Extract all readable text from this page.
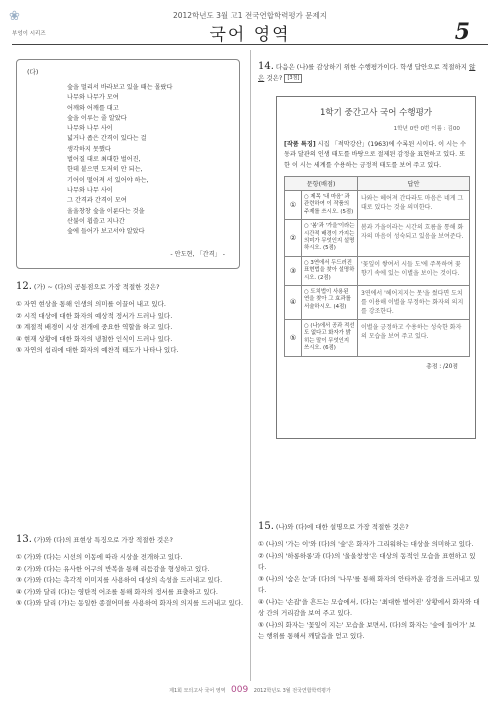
❀	2012학년도 3월 고1 전국연합학력평가 문제지
부엉이 시리즈	국어 영역	5
(다)
숲을 멀리서 바라보고 있을 때는 몰랐다
나무와 나무가 모여
어깨와 어깨를 대고
숲을 이루는 줄 알았다
나무와 나무 사이
넓거나 좁은 간격이 있다는 걸
생각하지 못했다
벌어질 대로 최대한 벌어진,
한데 붙으면 도저히 안 되는,
기어이 떨어져 서 있어야 하는,
나무와 나무 사이
그 간격과 간격이 모여
울울창창 숲을 이룬다는 것을
산불이 휩쓸고 지나간
숲에 들어가 보고서야 알았다
- 안도현, 「간격」 -
12. (가) ~ (다)의 공통점으로 가장 적절한 것은?
① 자연 현상을 통해 인생의 의미를 이끌어 내고 있다.
② 시적 대상에 대한 화자의 예상적 정서가 드러나 있다.
③ 계절적 배경이 시상 전개에 중요한 역할을 하고 있다.
④ 현재 상황에 대한 화자의 냉철한 인식이 드러나 있다.
⑤ 자연의 섭리에 대한 화자의 예찬적 태도가 나타나 있다.
13. (가)와 (다)의 표현상 특징으로 가장 적절한 것은?
① (가)와 (다)는 시선의 이동에 따라 시상을 전개하고 있다.
② (가)와 (다)는 유사한 어구의 반복을 통해 리듬감을 형성하고 있다.
③ (가)와 (다)는 촉각적 이미지를 사용하여 대상의 속성을 드러내고 있다.
④ (가)와 달리 (다)는 영탄적 어조를 통해 화자의 정서를 표출하고 있다.
⑤ (다)와 달리 (가)는 동일한 종결어미를 사용하여 화자의 의지를 드러내고 있다.
14. 다음은 (나)를 감상하기 위한 수행평가이다. 학생 답안으로 적절하지 않은 것은? [3점]
1학기 중간고사 국어 수행평가
1학년 0반 0번 이름 : 김00
[작품 특징] 시집 「적막강산」(1963)에 수록된 시이다. 이 시는 수동과 달관의 인생 태도를 바탕으로 절제된 감정을 표현하고 있다. 또한 이 시는 세계를 수용하는 긍정적 태도를 보여 주고 있다.
문항(배점)		답안
①	○ 제목 '내 마음' 과 관련하여 이 작품의 주제를 쓰시오. (5점)	나와는 헤어져 간다라도 마음은 네게 그대로 있다는 것을 의미한다.
②	○ '봄'과 '가을'이라는 시간적 배경이 가지는 의미가 무엇인지 설명하시오. (5점)	봄과 가을이라는 시간의 흐름을 통해 화자의 마음이 성숙되고 있음을 보여준다.
③	○ 3연에서 두드러진 표현법을 찾아 설명하시오. (2점)	'꽃잎이 쌓여서 시들 도'에 주목하여 꽃 향기 속에 있는 이별을 보이는 것이다.
④	○ 도치법이 사용된 연을 찾아 그 효과를 서술하시오. (4점)	3연에서 '헤어지지는 못'을 썼다면 도치를 이용해 이별을 부정하는 화자의 의지를 강조한다.
⑤	○ (나)에서 공과 적선도 없다고 화자가 밝히는 말이 무엇인지 쓰시오. (6점)	이별을 긍정하고 수용하는 성숙한 화자의 모습을 보여 주고 있다.
총점 : /20점
15. (나)와 (다)에 대한 설명으로 가장 적절한 것은?
① (나)의 '가는 이'와 (다)의 '숲'은 화자가 그리워하는 대상을 의미하고 있다.
② (나)의 '하롱하롱'과 (다)의 '울울창창'은 대상의 동적인 모습을 표현하고 있다.
③ (나)의 '숨은 눈'과 (다)의 '나무'를 통해 화자의 안타까운 감정을 드러내고 있다.
④ (나)는 '손잡'을 흔드는 모습에서, (다)는 '최대한 벌어진' 상황에서 화자와 대상 간의 거리감을 보여 주고 있다.
⑤ (나)의 화자는 '꽃잎이 지는' 모습을 보면서, (다)의 화자는 '숲에 들어가' 보는 행위를 통해서 깨달음을 얻고 있다.
제1회 모의고사 국어 영역 009 2012학년도 3월 전국연합학력평가
